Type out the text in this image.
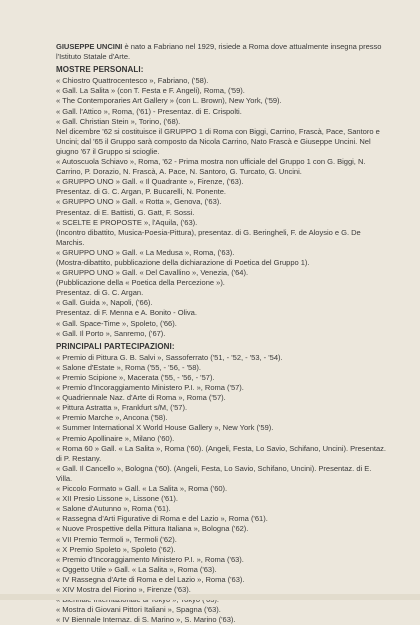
GIUSEPPE UNCINI è nato a Fabriano nel 1929, risiede a Roma dove attualmente insegna presso l'Istituto Statale d'Arte.

MOSTRE PERSONALI:

« Chiostro Quattrocentesco », Fabriano, ('58).

« Gall. La Salita » (con T. Festa e F. Angeli), Roma, ('59).

« The Contemporaries Art Gallery » (con L. Brown), New York, ('59).

« Gall. l'Attico », Roma, ('61) - Presentaz. di E. Crispolti.

« Gall. Christian Stein », Torino, ('68).

Nel dicembre '62 si costituisce il GRUPPO 1 di Roma con Biggi, Carrino, Frascà, Pace, Santoro e Uncini; dal '65 il Gruppo sarà composto da Nicola Carrino, Nato Frascà e Giuseppe Uncini. Nel giugno '67 il Gruppo si scioglie.

« Autoscuola Schiavo », Roma, '62 - Prima mostra non ufficiale del Gruppo 1 con G. Biggi, N. Carrino, P. Dorazio, N. Frascà, A. Pace, N. Santoro, G. Turcato, G. Uncini.

« GRUPPO UNO » Gall. « Il Quadrante », Firenze, ('63).

Presentaz. di G. C. Argan, P. Bucarelli, N. Ponente.

« GRUPPO UNO » Gall. « Rotta », Genova, ('63).

Presentaz. di E. Battisti, G. Gatt, F. Sossi.

« SCELTE E PROPOSTE », l'Aquila, ('63).

(Incontro dibattito, Musica-Poesia-Pittura), presentaz. di G. Beringheli, F. de Aloysio e G. De Marchis.

« GRUPPO UNO » Gall. « La Medusa », Roma, ('63).

(Mostra-dibattito, pubblicazione della dichiarazione di Poetica del Gruppo 1).

« GRUPPO UNO » Gall. « Del Cavallino », Venezia, ('64).

(Pubblicazione della « Poetica della Percezione »).

Presentaz. di G. C. Argan.

« Gall. Guida », Napoli, ('66).

Presentaz. di F. Menna e A. Bonito - Oliva.

« Gall. Space-Time », Spoleto, ('66).

« Gall. Il Porto », Sanremo, ('67).

PRINCIPALI PARTECIPAZIONI:

« Premio di Pittura G. B. Salvi », Sassoferrato ('51, - '52, - '53, - '54).

« Salone d'Estate », Roma ('55, - '56, - '58).

« Premio Scipione », Macerata ('55, - '56, - '57).

« Premio d'Incoraggiamento Ministero P.I. », Roma ('57).

« Quadriennale Naz. d'Arte di Roma », Roma ('57).

« Pittura Astratta », Frankfurt s/M, ('57).

« Premio Marche », Ancona ('58).

« Summer International X World House Gallery », New York ('59).

« Premio Apollinaire », Milano ('60).

« Roma 60 » Gall. « La Salita », Roma ('60). (Angeli, Festa, Lo Savio, Schifano, Uncini). Presentaz. di P. Restany.

« Gall. Il Cancello », Bologna ('60). (Angeli, Festa, Lo Savio, Schifano, Uncini). Presentaz. di E. Villa.

« Piccolo Formato » Gall. « La Salita », Roma ('60).

« XII Presio Lissone », Lissone ('61).

« Salone d'Autunno », Roma ('61).

« Rassegna d'Arti Figurative di Roma e del Lazio », Roma ('61).

« Nuove Prospettive della Pittura Italiana », Bologna ('62).

« VII Premio Termoli », Termoli ('62).

« X Premio Spoleto », Spoleto ('62).

« Premio d'Incoraggiamento Ministero P.I. », Roma ('63).

« Oggetto Utile » Gall. « La Salita », Roma ('63).

« IV Rassegna d'Arte di Roma e del Lazio », Roma ('63).

« XIV Mostra del Fiorino », Firenze ('63).

« Mostra di Giovani Pittori Italiani », Spagna ('63).

« IV Biennale Internaz. di S. Marino », S. Marino ('63).
